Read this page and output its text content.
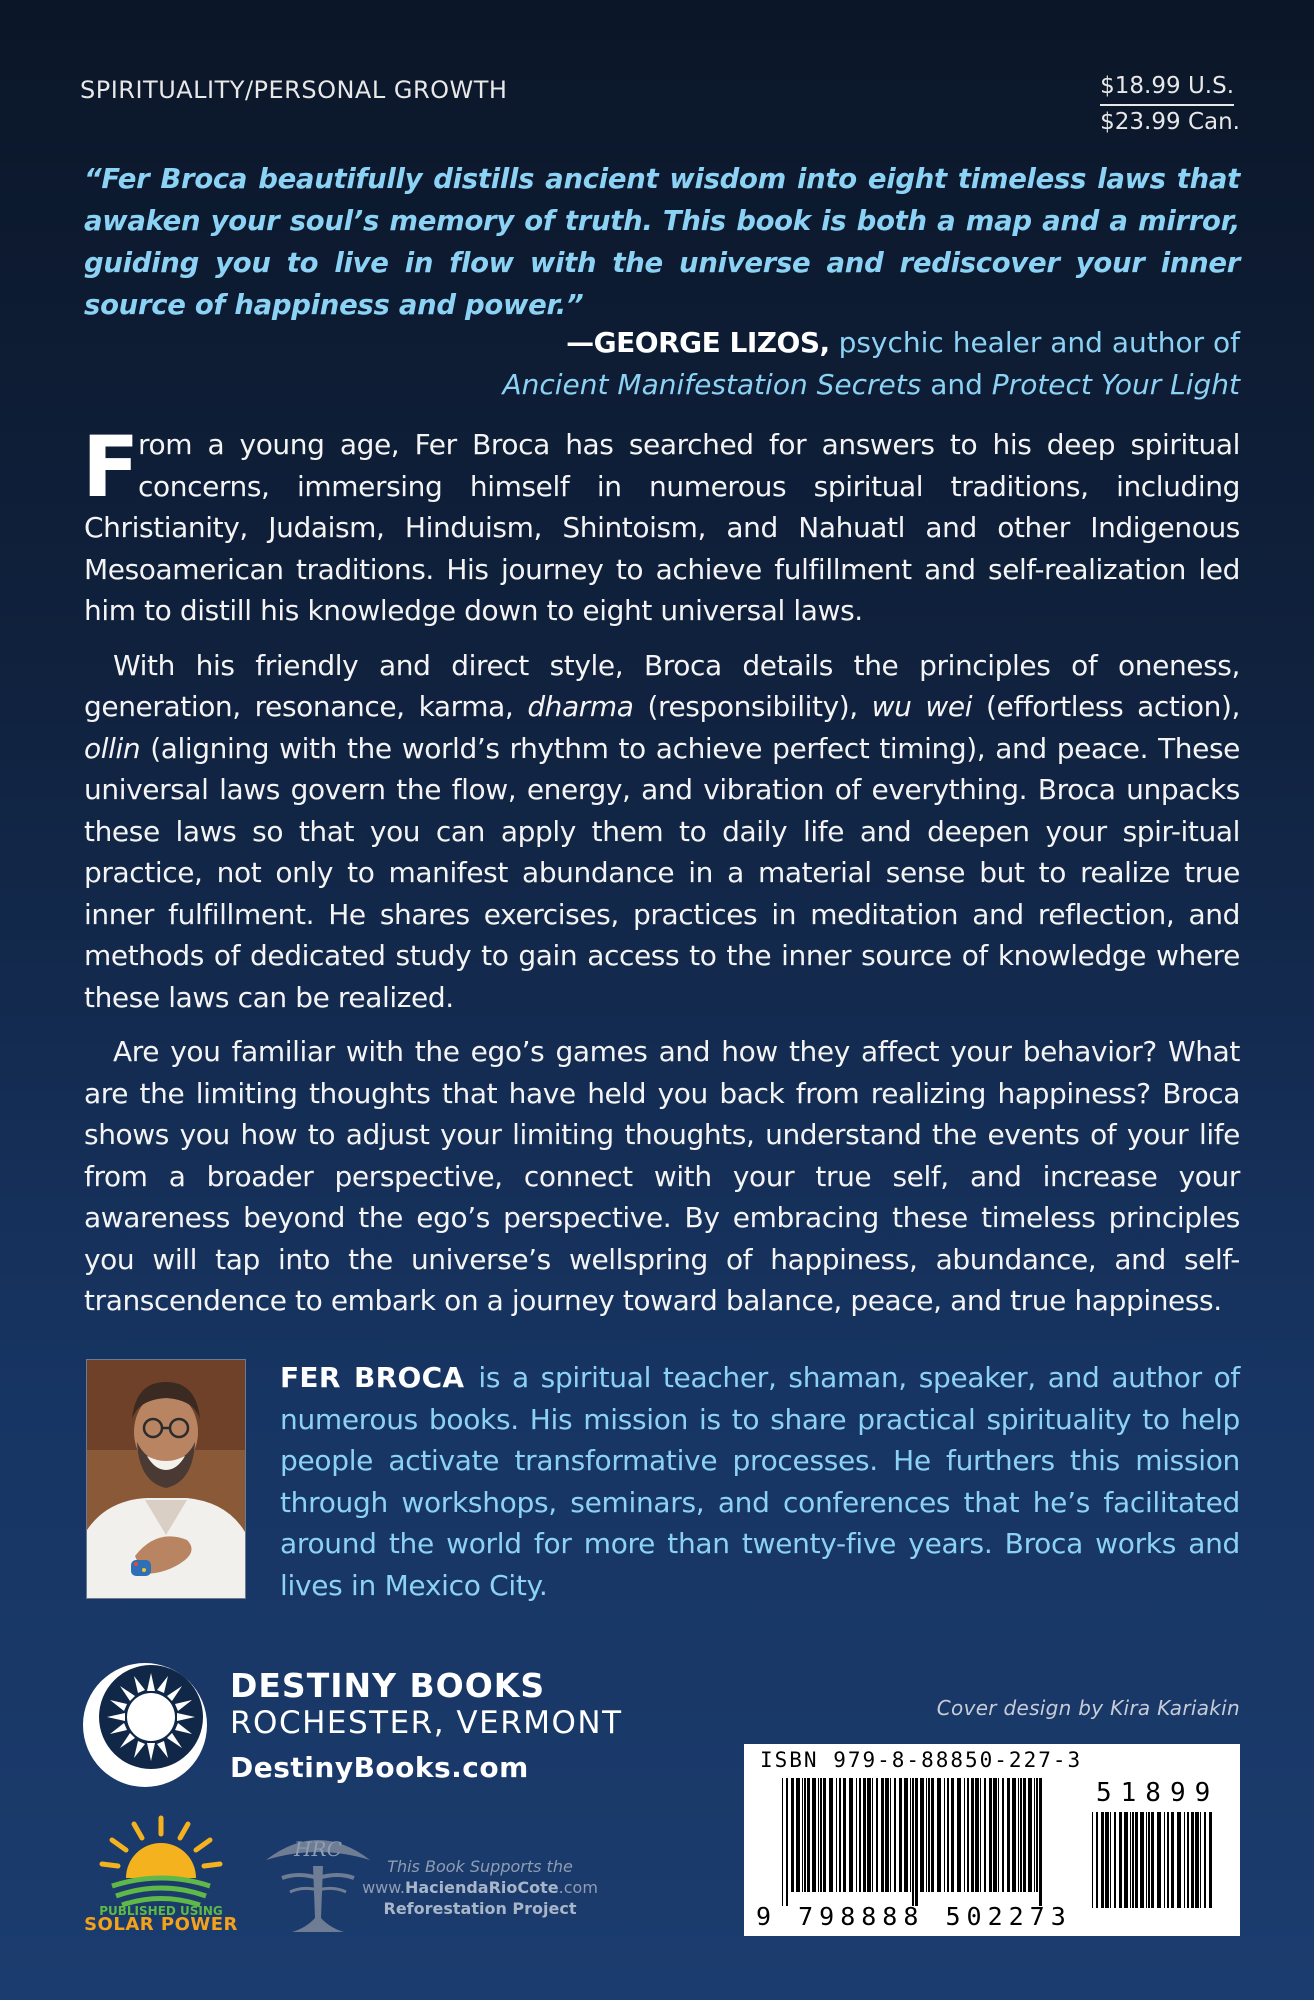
SPIRITUALITY/PERSONAL GROWTH	$18.99 U.S.
$23.99 Can.
“Fer Broca beautifully distills ancient wisdom into eight timeless laws that awaken your soul’s memory of truth. This book is both a map and a mirror, guiding you to live in flow with the universe and rediscover your inner source of happiness and power.”
—GEORGE LIZOS, psychic healer and author of
Ancient Manifestation Secrets and Protect Your Light

From a young age, Fer Broca has searched for answers to his deep spiritual concerns, immersing himself in numerous spiritual traditions, including Christianity, Judaism, Hinduism, Shintoism, and Nahuatl and other Indigenous Mesoamerican traditions. His journey to achieve fulfillment and self-realization led him to distill his knowledge down to eight universal laws.

With his friendly and direct style, Broca details the principles of oneness, generation, resonance, karma, dharma (responsibility), wu wei (effortless action), ollin (aligning with the world’s rhythm to achieve perfect timing), and peace. These universal laws govern the flow, energy, and vibration of everything. Broca unpacks these laws so that you can apply them to daily life and deepen your spir-itual practice, not only to manifest abundance in a material sense but to realize true inner fulfillment. He shares exercises, practices in meditation and reflection, and methods of dedicated study to gain access to the inner source of knowledge where these laws can be realized.

Are you familiar with the ego’s games and how they affect your behavior? What are the limiting thoughts that have held you back from realizing happiness? Broca shows you how to adjust your limiting thoughts, understand the events of your life from a broader perspective, connect with your true self, and increase your awareness beyond the ego’s perspective. By embracing these timeless principles you will tap into the universe’s wellspring of happiness, abundance, and self-transcendence to embark on a journey toward balance, peace, and true happiness.

FER BROCA is a spiritual teacher, shaman, speaker, and author of numerous books. His mission is to share practical spirituality to help people activate transformative processes. He furthers this mission through workshops, seminars, and conferences that he’s facilitated around the world for more than twenty-five years. Broca works and lives in Mexico City.
DESTINY BOOKS
ROCHESTER, VERMONT
DestinyBooks.com
PUBLISHED USING
SOLAR POWER
HRC
This Book Supports the
www.HaciendaRioCote.com
Reforestation Project
Cover design by Kira Kariakin
ISBN 979-8-88850-227-3
9 798888 502273
51899
